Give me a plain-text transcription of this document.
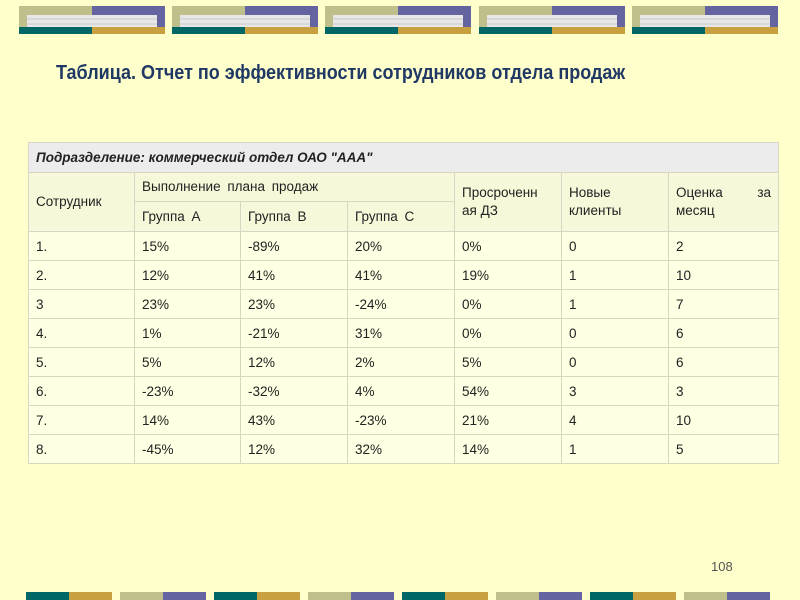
Таблица. Отчет по эффективности сотрудников отдела продаж
Подразделение: коммерческий отдел ОАО "ААА"						
Сотрудник	Выполнение плана продаж			Просроченн ая ДЗ	Новые клиенты	Оценка за месяц
	Группа А	Группа В	Группа С			
1.	15%	-89%	20%	0%	0	2
2.	12%	41%	41%	19%	1	10
3	23%	23%	-24%	0%	1	7
4.	1%	-21%	31%	0%	0	6
5.	5%	12%	2%	5%	0	6
6.	-23%	-32%	4%	54%	3	3
7.	14%	43%	-23%	21%	4	10
8.	-45%	12%	32%	14%	1	5
108
